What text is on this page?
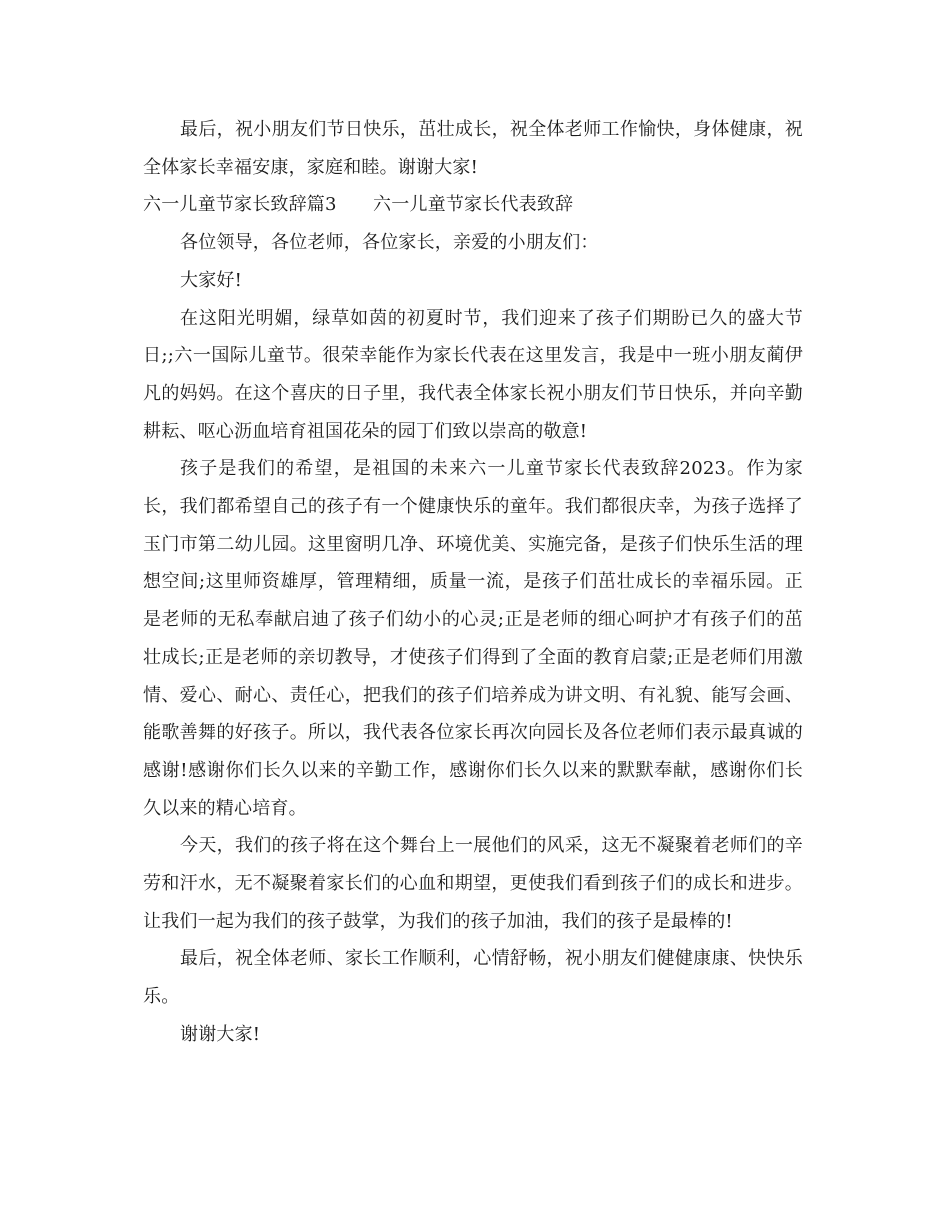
最后，祝小朋友们节日快乐，茁壮成长，祝全体老师工作愉快，身体健康，祝全体家长幸福安康，家庭和睦。谢谢大家!

六一儿童节家长致辞篇3　　六一儿童节家长代表致辞

各位领导，各位老师，各位家长，亲爱的小朋友们：

大家好!

在这阳光明媚，绿草如茵的初夏时节，我们迎来了孩子们期盼已久的盛大节日;;六一国际儿童节。很荣幸能作为家长代表在这里发言，我是中一班小朋友蔺伊凡的妈妈。在这个喜庆的日子里，我代表全体家长祝小朋友们节日快乐，并向辛勤耕耘、呕心沥血培育祖国花朵的园丁们致以崇高的敬意!

孩子是我们的希望，是祖国的未来六一儿童节家长代表致辞2023。作为家长，我们都希望自己的孩子有一个健康快乐的童年。我们都很庆幸，为孩子选择了玉门市第二幼儿园。这里窗明几净、环境优美、实施完备，是孩子们快乐生活的理想空间;这里师资雄厚，管理精细，质量一流，是孩子们茁壮成长的幸福乐园。正是老师的无私奉献启迪了孩子们幼小的心灵;正是老师的细心呵护才有孩子们的茁壮成长;正是老师的亲切教导，才使孩子们得到了全面的教育启蒙;正是老师们用激情、爱心、耐心、责任心，把我们的孩子们培养成为讲文明、有礼貌、能写会画、能歌善舞的好孩子。所以，我代表各位家长再次向园长及各位老师们表示最真诚的感谢!感谢你们长久以来的辛勤工作，感谢你们长久以来的默默奉献，感谢你们长久以来的精心培育。

今天，我们的孩子将在这个舞台上一展他们的风采，这无不凝聚着老师们的辛劳和汗水，无不凝聚着家长们的心血和期望，更使我们看到孩子们的成长和进步。让我们一起为我们的孩子鼓掌，为我们的孩子加油，我们的孩子是最棒的!

最后，祝全体老师、家长工作顺利，心情舒畅，祝小朋友们健健康康、快快乐乐。

谢谢大家!
